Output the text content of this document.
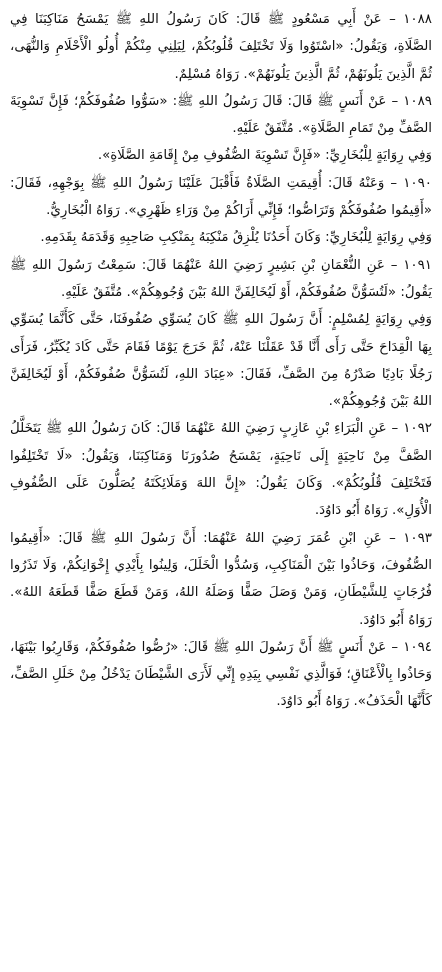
١٠٨٨ – عَنْ أَبِي مَسْعُودٍ ﷺ قَالَ: كَانَ رَسُولُ اللهِ ﷺ يَمْسَحُ مَنَاكِبَنَا فِي الصَّلَاةِ، وَيَقُولُ: «اسْتَوُوا وَلَا تَخْتَلِفَ قُلُوبُكُمْ، لِيَلِنِي مِنْكُمْ أُولُو الْأَحْلَامِ وَالنُّهَى، ثُمَّ الَّذِينَ يَلُونَهُمْ، ثُمَّ الَّذِينَ يَلُونَهُمْ». رَوَاهُ مُسْلِمٌ.

١٠٨٩ – عَنْ أَنَسٍ ﷺ قَالَ: قَالَ رَسُولُ اللهِ ﷺ: «سَوُّوا صُفُوفَكُمْ؛ فَإِنَّ تَسْوِيَةَ الصَّفِّ مِنْ تَمَامِ الصَّلَاةِ». مُتَّفَقٌ عَلَيْهِ.

وَفِي رِوَايَةٍ لِلْبُخَارِيِّ: «فَإِنَّ تَسْوِيَةَ الصُّفُوفِ مِنْ إِقَامَةِ الصَّلَاةِ».

١٠٩٠ – وَعَنْهُ قَالَ: أُقِيمَتِ الصَّلَاةُ فَأَقْبَلَ عَلَيْنَا رَسُولُ اللهِ ﷺ بِوَجْهِهِ، فَقَالَ: «أَقِيمُوا صُفُوفَكُمْ وَتَرَاصُّوا؛ فَإِنِّي أَرَاكُمْ مِنْ وَرَاءِ ظَهْرِي». رَوَاهُ الْبُخَارِيُّ.

وَفِي رِوَايَةٍ لِلْبُخَارِيِّ: وَكَانَ أَحَدُنَا يُلْزِقُ مَنْكِبَهُ بِمَنْكِبِ صَاحِبِهِ وَقَدَمَهُ بِقَدَمِهِ.

١٠٩١ – عَنِ النُّعْمَانِ بْنِ بَشِيرٍ رَضِيَ اللهُ عَنْهُمَا قَالَ: سَمِعْتُ رَسُولَ اللهِ ﷺ يَقُولُ: «لَتُسَوُّنَّ صُفُوفَكُمْ، أَوْ لَيُخَالِفَنَّ اللهُ بَيْنَ وُجُوهِكُمْ». مُتَّفَقٌ عَلَيْهِ.

وَفِي رِوَايَةٍ لِمُسْلِمٍ: أَنَّ رَسُولَ اللهِ ﷺ كَانَ يُسَوِّي صُفُوفَنَا، حَتَّى كَأَنَّمَا يُسَوِّي بِهَا الْقِدَاحَ حَتَّى رَأَى أَنَّا قَدْ عَقَلْنَا عَنْهُ، ثُمَّ خَرَجَ يَوْمًا فَقَامَ حَتَّى كَادَ يُكَبِّرُ، فَرَأَى رَجُلًا بَادِيًا صَدْرُهُ مِنَ الصَّفِّ، فَقَالَ: «عِبَادَ اللهِ، لَتُسَوُّنَّ صُفُوفَكُمْ، أَوْ لَيُخَالِفَنَّ اللهُ بَيْنَ وُجُوهِكُمْ».

١٠٩٢ – عَنِ الْبَرَاءِ بْنِ عَازِبٍ رَضِيَ اللهُ عَنْهُمَا قَالَ: كَانَ رَسُولُ اللهِ ﷺ يَتَخَلَّلُ الصَّفَّ مِنْ نَاحِيَةٍ إِلَى نَاحِيَةٍ، يَمْسَحُ صُدُورَنَا وَمَنَاكِبَنَا، وَيَقُولُ: «لَا تَخْتَلِفُوا فَتَخْتَلِفَ قُلُوبُكُمْ». وَكَانَ يَقُولُ: «إِنَّ اللهَ وَمَلَائِكَتَهُ يُصَلُّونَ عَلَى الصُّفُوفِ الْأُوَلِ». رَوَاهُ أَبُو دَاوُدَ.

١٠٩٣ – عَنِ ابْنِ عُمَرَ رَضِيَ اللهُ عَنْهُمَا: أَنَّ رَسُولَ اللهِ ﷺ قَالَ: «أَقِيمُوا الصُّفُوفَ، وَحَاذُوا بَيْنَ الْمَنَاكِبِ، وَسُدُّوا الْخَلَلَ، وَلِينُوا بِأَيْدِي إِخْوَانِكُمْ، وَلَا تَذَرُوا فُرُجَاتٍ لِلشَّيْطَانِ، وَمَنْ وَصَلَ صَفًّا وَصَلَهُ اللهُ، وَمَنْ قَطَعَ صَفًّا قَطَعَهُ اللهُ». رَوَاهُ أَبُو دَاوُدَ.

١٠٩٤ – عَنْ أَنَسٍ ﷺ أَنَّ رَسُولَ اللهِ ﷺ قَالَ: «رُصُّوا صُفُوفَكُمْ، وَقَارِبُوا بَيْنَهَا، وَحَاذُوا بِالْأَعْنَاقِ؛ فَوَالَّذِي نَفْسِي بِيَدِهِ إِنِّي لَأَرَى الشَّيْطَانَ يَدْخُلُ مِنْ خَلَلِ الصَّفِّ، كَأَنَّهَا الْحَذَفُ». رَوَاهُ أَبُو دَاوُدَ.
